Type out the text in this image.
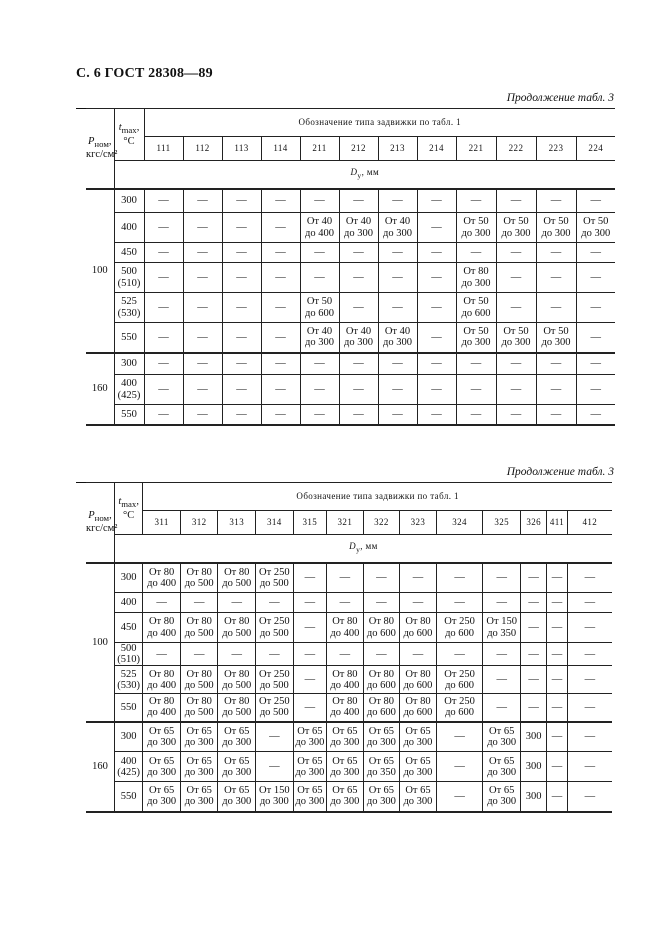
С. 6 ГОСТ 28308—89
Продолжение табл. 3
$P_{ном}$,
кгс/см²	$t_{max}$,
°C	Обозначение типа задвижки по табл. 1											
		111	112	113	114	211	212	213	214	221	222	223	224
	$D_у$, мм												
100	300	—	—	—	—	—	—	—	—	—	—	—	—
	400	—	—	—	—	От 40
до 400	От 40
до 300	От 40
до 300	—	От 50
до 300	От 50
до 300	От 50
до 300	От 50
до 300
	450	—	—	—	—	—	—	—	—	—	—	—	—
	500
(510)	—	—	—	—	—	—	—	—	От 80
до 300	—	—	—
	525
(530)	—	—	—	—	От 50
до 600	—	—	—	От 50
до 600	—	—	—
	550	—	—	—	—	От 40
до 300	От 40
до 300	От 40
до 300	—	От 50
до 300	От 50
до 300	От 50
до 300	—
160	300	—	—	—	—	—	—	—	—	—	—	—	—
	400
(425)	—	—	—	—	—	—	—	—	—	—	—	—
	550	—	—	—	—	—	—	—	—	—	—	—	—
Продолжение табл. 3
$P_{ном}$,
кгс/см²	$t_{max}$,
°C	Обозначение типа задвижки по табл. 1												
		311	312	313	314	315	321	322	323	324	325	326	411	412
	$D_у$, мм													
100	300	От 80
до 400	От 80
до 500	От 80
до 500	От 250
до 500	—	—	—	—	—	—	—	—	—
	400	—	—	—	—	—	—	—	—	—	—	—	—	—
	450	От 80
до 400	От 80
до 500	От 80
до 500	От 250
до 500	—	От 80
до 400	От 80
до 600	От 80
до 600	От 250
до 600	От 150
до 350	—	—	—
	500
(510)	—	—	—	—	—	—	—	—	—	—	—	—	—
	525
(530)	От 80
до 400	От 80
до 500	От 80
до 500	От 250
до 500	—	От 80
до 400	От 80
до 600	От 80
до 600	От 250
до 600	—	—	—	—
	550	От 80
до 400	От 80
до 500	От 80
до 500	От 250
до 500	—	От 80
до 400	От 80
до 600	От 80
до 600	От 250
до 600	—	—	—	—
160	300	От 65
до 300	От 65
до 300	От 65
до 300	—	От 65
до 300	От 65
до 300	От 65
до 300	От 65
до 300	—	От 65
до 300	300	—	—
	400
(425)	От 65
до 300	От 65
до 300	От 65
до 300	—	От 65
до 300	От 65
до 300	От 65
до 350	От 65
до 300	—	От 65
до 300	300	—	—
	550	От 65
до 300	От 65
до 300	От 65
до 300	От 150
до 300	От 65
до 300	От 65
до 300	От 65
до 300	От 65
до 300	—	От 65
до 300	300	—	—
